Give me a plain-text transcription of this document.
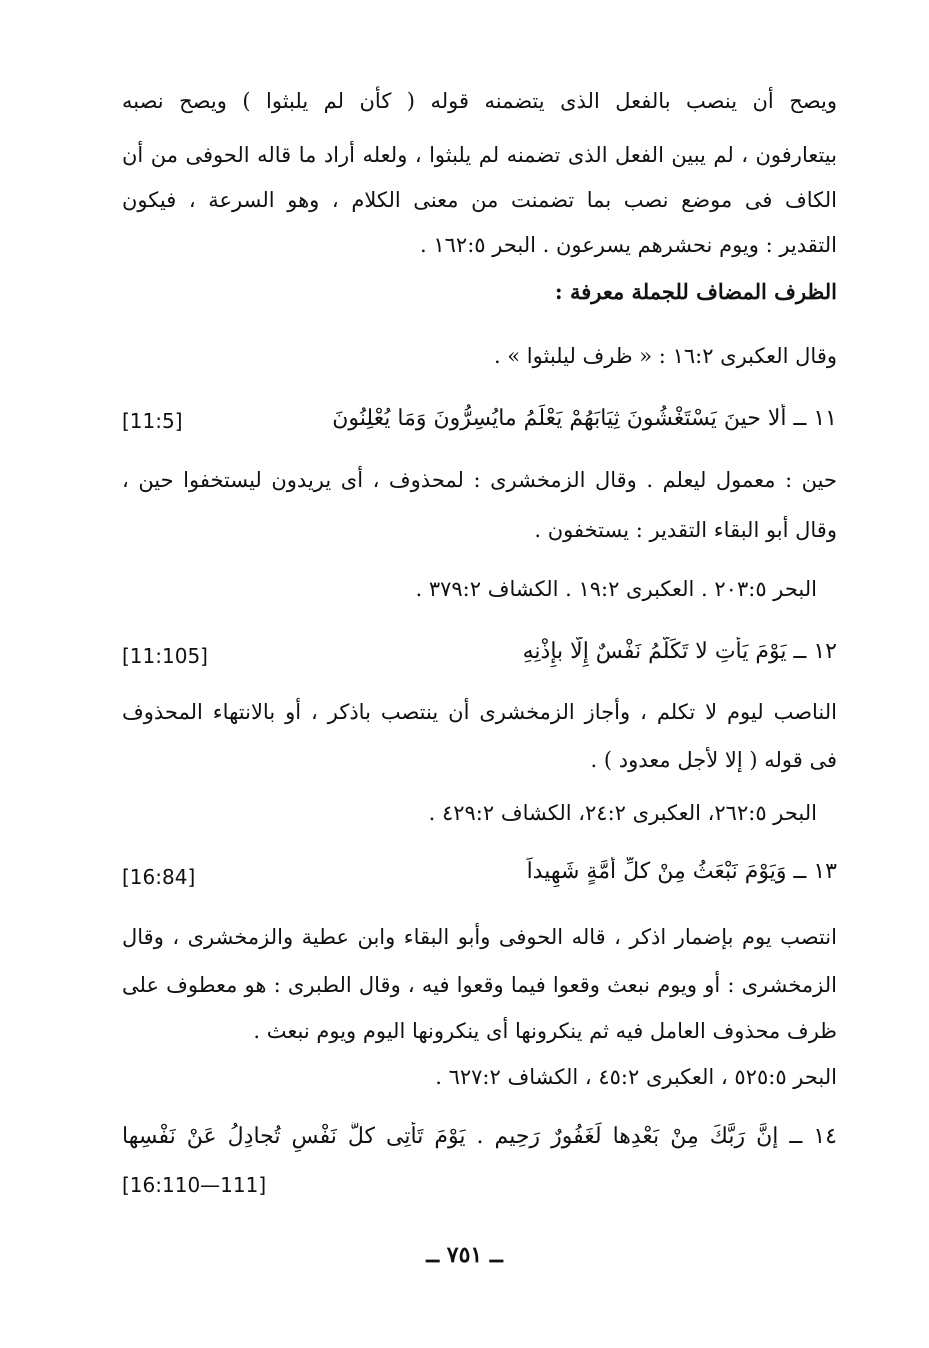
ويصح أن ينصب بالفعل الذى يتضمنه قوله ( كأن لم يلبثوا ) ويصح نصبه
بيتعارفون ، لم يبين الفعل الذى تضمنه لم يلبثوا ، ولعله أراد ما قاله الحوفى من أن
الكاف فى موضع نصب بما تضمنت من معنى الكلام ، وهو السرعة ، فيكون
التقدير : ويوم نحشرهم يسرعون . البحر ١٦٢:٥ .
الظرف المضاف للجملة معرفة :
وقال العكبرى ١٦:٢ : « ظرف ليلبثوا » .
١١ ــ ألا حينَ يَسْتَغْشُونَ ثِيَابَهُمْ يَعْلَمُ مايُسِرُّونَ وَمَا يُعْلِنُونَ
[11:5]
حين : معمول ليعلم . وقال الزمخشرى : لمحذوف ، أى يريدون ليستخفوا حين ،
وقال أبو البقاء التقدير : يستخفون .
البحر ٢٠٣:٥ . العكبرى ١٩:٢ . الكشاف ٣٧٩:٢ .
١٢ ــ يَوْمَ يَأْتِ لا تَكَلَّمُ نَفْسٌ إِلَّا بإِذْنِهِ
[11:105]
الناصب ليوم لا تكلم ، وأجاز الزمخشرى أن ينتصب باذكر ، أو بالانتهاء المحذوف
فى قوله ( إلا لأجل معدود ) .
البحر ٢٦٢:٥، العكبرى ٢٤:٢، الكشاف ٤٢٩:٢ .
١٣ ــ وَيَوْمَ نَبْعَثُ مِنْ كلِّ أُمَّةٍ شَهِيداً
[16:84]
انتصب يوم بإضمار اذكر ، قاله الحوفى وأبو البقاء وابن عطية والزمخشرى ، وقال
الزمخشرى : أو ويوم نبعث وقعوا فيما وقعوا فيه ، وقال الطبرى : هو معطوف على
ظرف محذوف العامل فيه ثم ينكرونها أى ينكرونها اليوم ويوم نبعث .
البحر ٥٢٥:٥ ، العكبرى ٤٥:٢ ، الكشاف ٦٢٧:٢ .
١٤ ــ إنَّ رَبَّكَ مِنْ بَعْدِها لَغَفُورٌ رَحِيم . يَوْمَ تَأْتِى كلُّ نَفْسٍ تُجادِلُ عَنْ نَفْسِها
[16:110—111]
ــ ٧٥١ ــ
